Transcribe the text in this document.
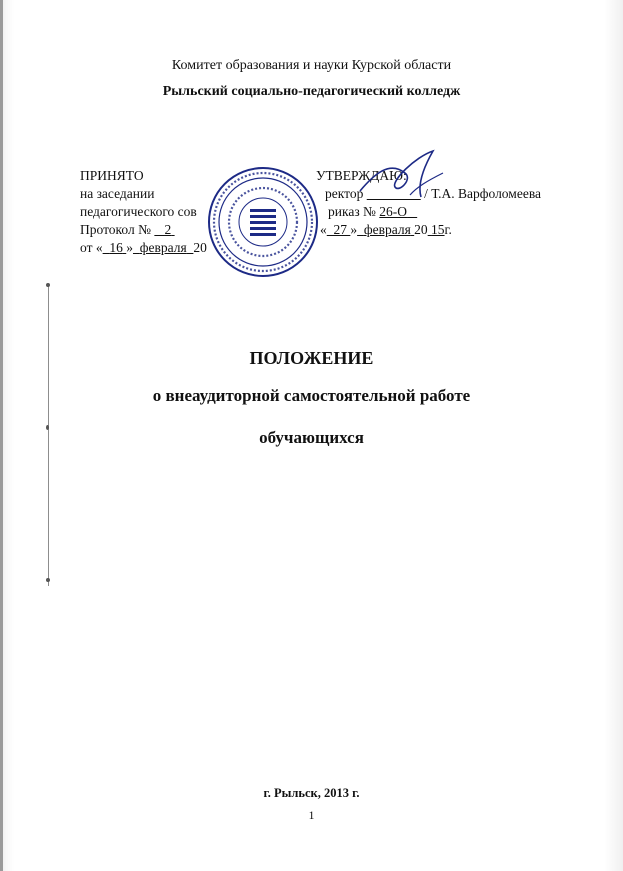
Комитет образования и науки Курской области
Рыльский социально-педагогический колледж
ПРИНЯТО
на заседании
педагогического сов
Протокол № 2
от « 16 » февраля 20
УТВЕРЖДАЮ:
ректор	/ Т.А. Варфоломеева
риказ № 26-О
« 27 » февраля 20 15г.
ПОЛОЖЕНИЕ
о внеаудиторной самостоятельной работе
обучающихся
г. Рыльск, 2013 г.
1
